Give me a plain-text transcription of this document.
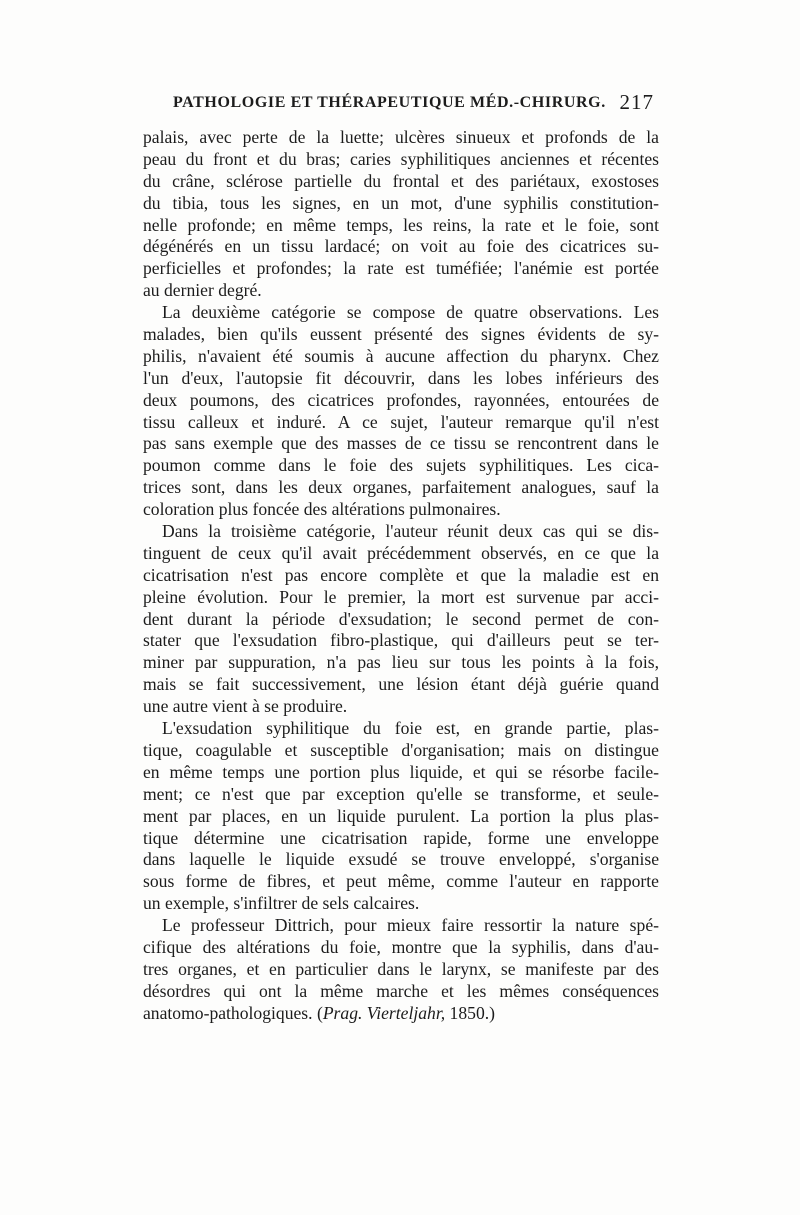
PATHOLOGIE ET THÉRAPEUTIQUE MÉD.-CHIRURG. 217
palais, avec perte de la luette; ulcères sinueux et profonds de la
peau du front et du bras; caries syphilitiques anciennes et récentes
du crâne, sclérose partielle du frontal et des pariétaux, exostoses
du tibia, tous les signes, en un mot, d'une syphilis constitution-
nelle profonde; en même temps, les reins, la rate et le foie, sont
dégénérés en un tissu lardacé; on voit au foie des cicatrices su-
perficielles et profondes; la rate est tuméfiée; l'anémie est portée
au dernier degré.
La deuxième catégorie se compose de quatre observations. Les
malades, bien qu'ils eussent présenté des signes évidents de sy-
philis, n'avaient été soumis à aucune affection du pharynx. Chez
l'un d'eux, l'autopsie fit découvrir, dans les lobes inférieurs des
deux poumons, des cicatrices profondes, rayonnées, entourées de
tissu calleux et induré. A ce sujet, l'auteur remarque qu'il n'est
pas sans exemple que des masses de ce tissu se rencontrent dans le
poumon comme dans le foie des sujets syphilitiques. Les cica-
trices sont, dans les deux organes, parfaitement analogues, sauf la
coloration plus foncée des altérations pulmonaires.
Dans la troisième catégorie, l'auteur réunit deux cas qui se dis-
tinguent de ceux qu'il avait précédemment observés, en ce que la
cicatrisation n'est pas encore complète et que la maladie est en
pleine évolution. Pour le premier, la mort est survenue par acci-
dent durant la période d'exsudation; le second permet de con-
stater que l'exsudation fibro-plastique, qui d'ailleurs peut se ter-
miner par suppuration, n'a pas lieu sur tous les points à la fois,
mais se fait successivement, une lésion étant déjà guérie quand
une autre vient à se produire.
L'exsudation syphilitique du foie est, en grande partie, plas-
tique, coagulable et susceptible d'organisation; mais on distingue
en même temps une portion plus liquide, et qui se résorbe facile-
ment; ce n'est que par exception qu'elle se transforme, et seule-
ment par places, en un liquide purulent. La portion la plus plas-
tique détermine une cicatrisation rapide, forme une enveloppe
dans laquelle le liquide exsudé se trouve enveloppé, s'organise
sous forme de fibres, et peut même, comme l'auteur en rapporte
un exemple, s'infiltrer de sels calcaires.
Le professeur Dittrich, pour mieux faire ressortir la nature spé-
cifique des altérations du foie, montre que la syphilis, dans d'au-
tres organes, et en particulier dans le larynx, se manifeste par des
désordres qui ont la même marche et les mêmes conséquences
anatomo-pathologiques. (Prag. Vierteljahr, 1850.)
